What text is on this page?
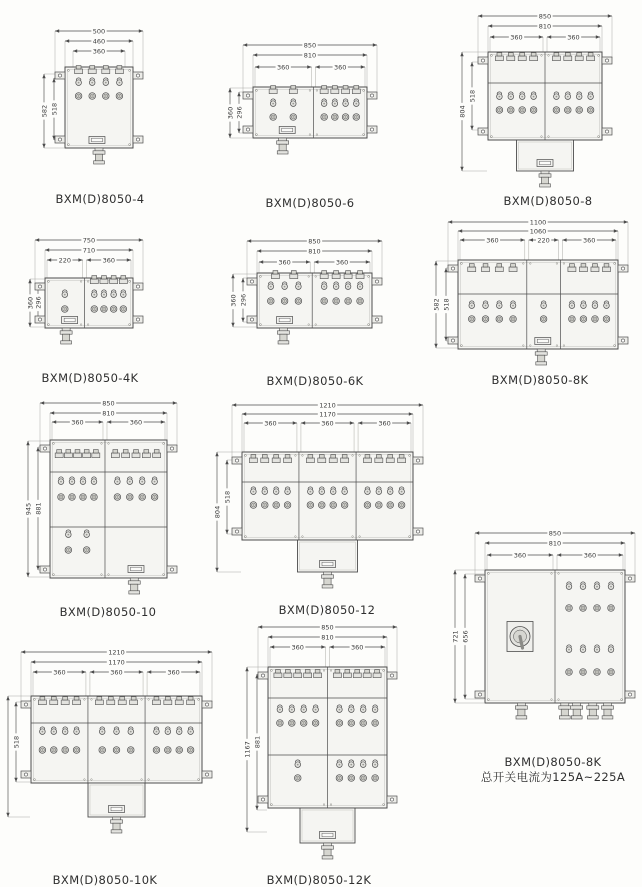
500
460
360
582 518
BXM(D)8050-4
850
810
360	360
360 296
BXM(D)8050-6
850
810
360	360
804
518
BXM(D)8050-8
750
710
220	360
360 296
BXM(D)8050-4K
850
810
360	360
360 296
BXM(D)8050-6K
1100
1060
360	220	360
582 518
BXM(D)8050-8K
850
810
360	360
945 881
BXM(D)8050-10
1210
1170
360	360	360
804
518
BXM(D)8050-12
850
810
360	360
721 656
BXM(D)8050-8K
总开关电流为125A~225A
1210
1170
360	360	360
518
BXM(D)8050-10K
850
810
360	360
1167 881
BXM(D)8050-12K
